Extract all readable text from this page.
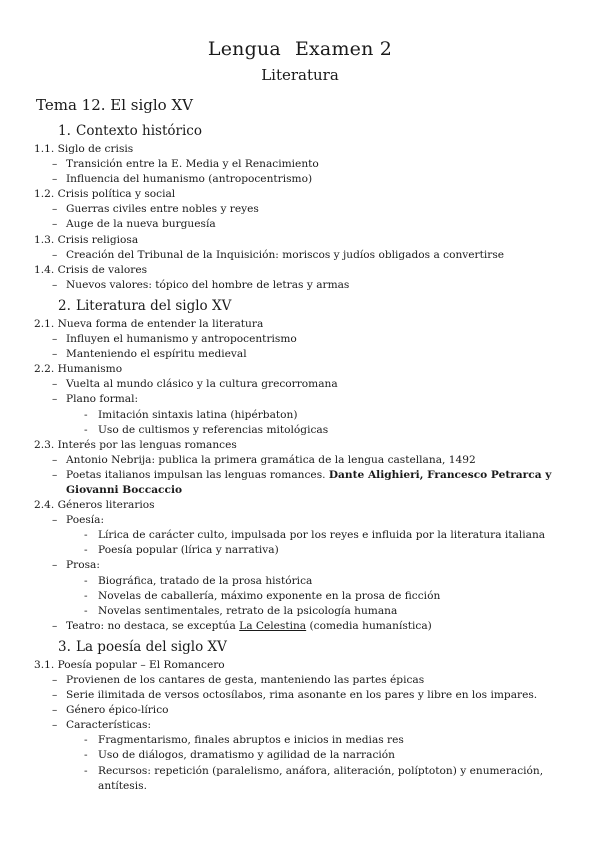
Lengua Examen 2
Literatura
Tema 12. El siglo XV
1. Contexto histórico
1.1. Siglo de crisis
– Transición entre la E. Media y el Renacimiento
– Influencia del humanismo (antropocentrismo)
1.2. Crisis política y social
– Guerras civiles entre nobles y reyes
– Auge de la nueva burguesía
1.3. Crisis religiosa
– Creación del Tribunal de la Inquisición: moriscos y judíos obligados a convertirse
1.4. Crisis de valores
– Nuevos valores: tópico del hombre de letras y armas
2. Literatura del siglo XV
2.1. Nueva forma de entender la literatura
– Influyen el humanismo y antropocentrismo
– Manteniendo el espíritu medieval
2.2. Humanismo
– Vuelta al mundo clásico y la cultura grecorromana
– Plano formal:
- Imitación sintaxis latina (hipérbaton)
- Uso de cultismos y referencias mitológicas
2.3. Interés por las lenguas romances
– Antonio Nebrija: publica la primera gramática de la lengua castellana, 1492
– Poetas italianos impulsan las lenguas romances. Dante Alighieri, Francesco Petrarca y Giovanni Boccaccio
2.4. Géneros literarios
– Poesía:
- Lírica de carácter culto, impulsada por los reyes e influida por la literatura italiana
- Poesía popular (lírica y narrativa)
– Prosa:
- Biográfica, tratado de la prosa histórica
- Novelas de caballería, máximo exponente en la prosa de ficción
- Novelas sentimentales, retrato de la psicología humana
– Teatro: no destaca, se exceptúa La Celestina (comedia humanística)
3. La poesía del siglo XV
3.1. Poesía popular – El Romancero
– Provienen de los cantares de gesta, manteniendo las partes épicas
– Serie ilimitada de versos octosílabos, rima asonante en los pares y libre en los impares.
– Género épico-lírico
– Características:
- Fragmentarismo, finales abruptos e inicios in medias res
- Uso de diálogos, dramatismo y agilidad de la narración
- Recursos: repetición (paralelismo, anáfora, aliteración, políptoton) y enumeración, antítesis.
